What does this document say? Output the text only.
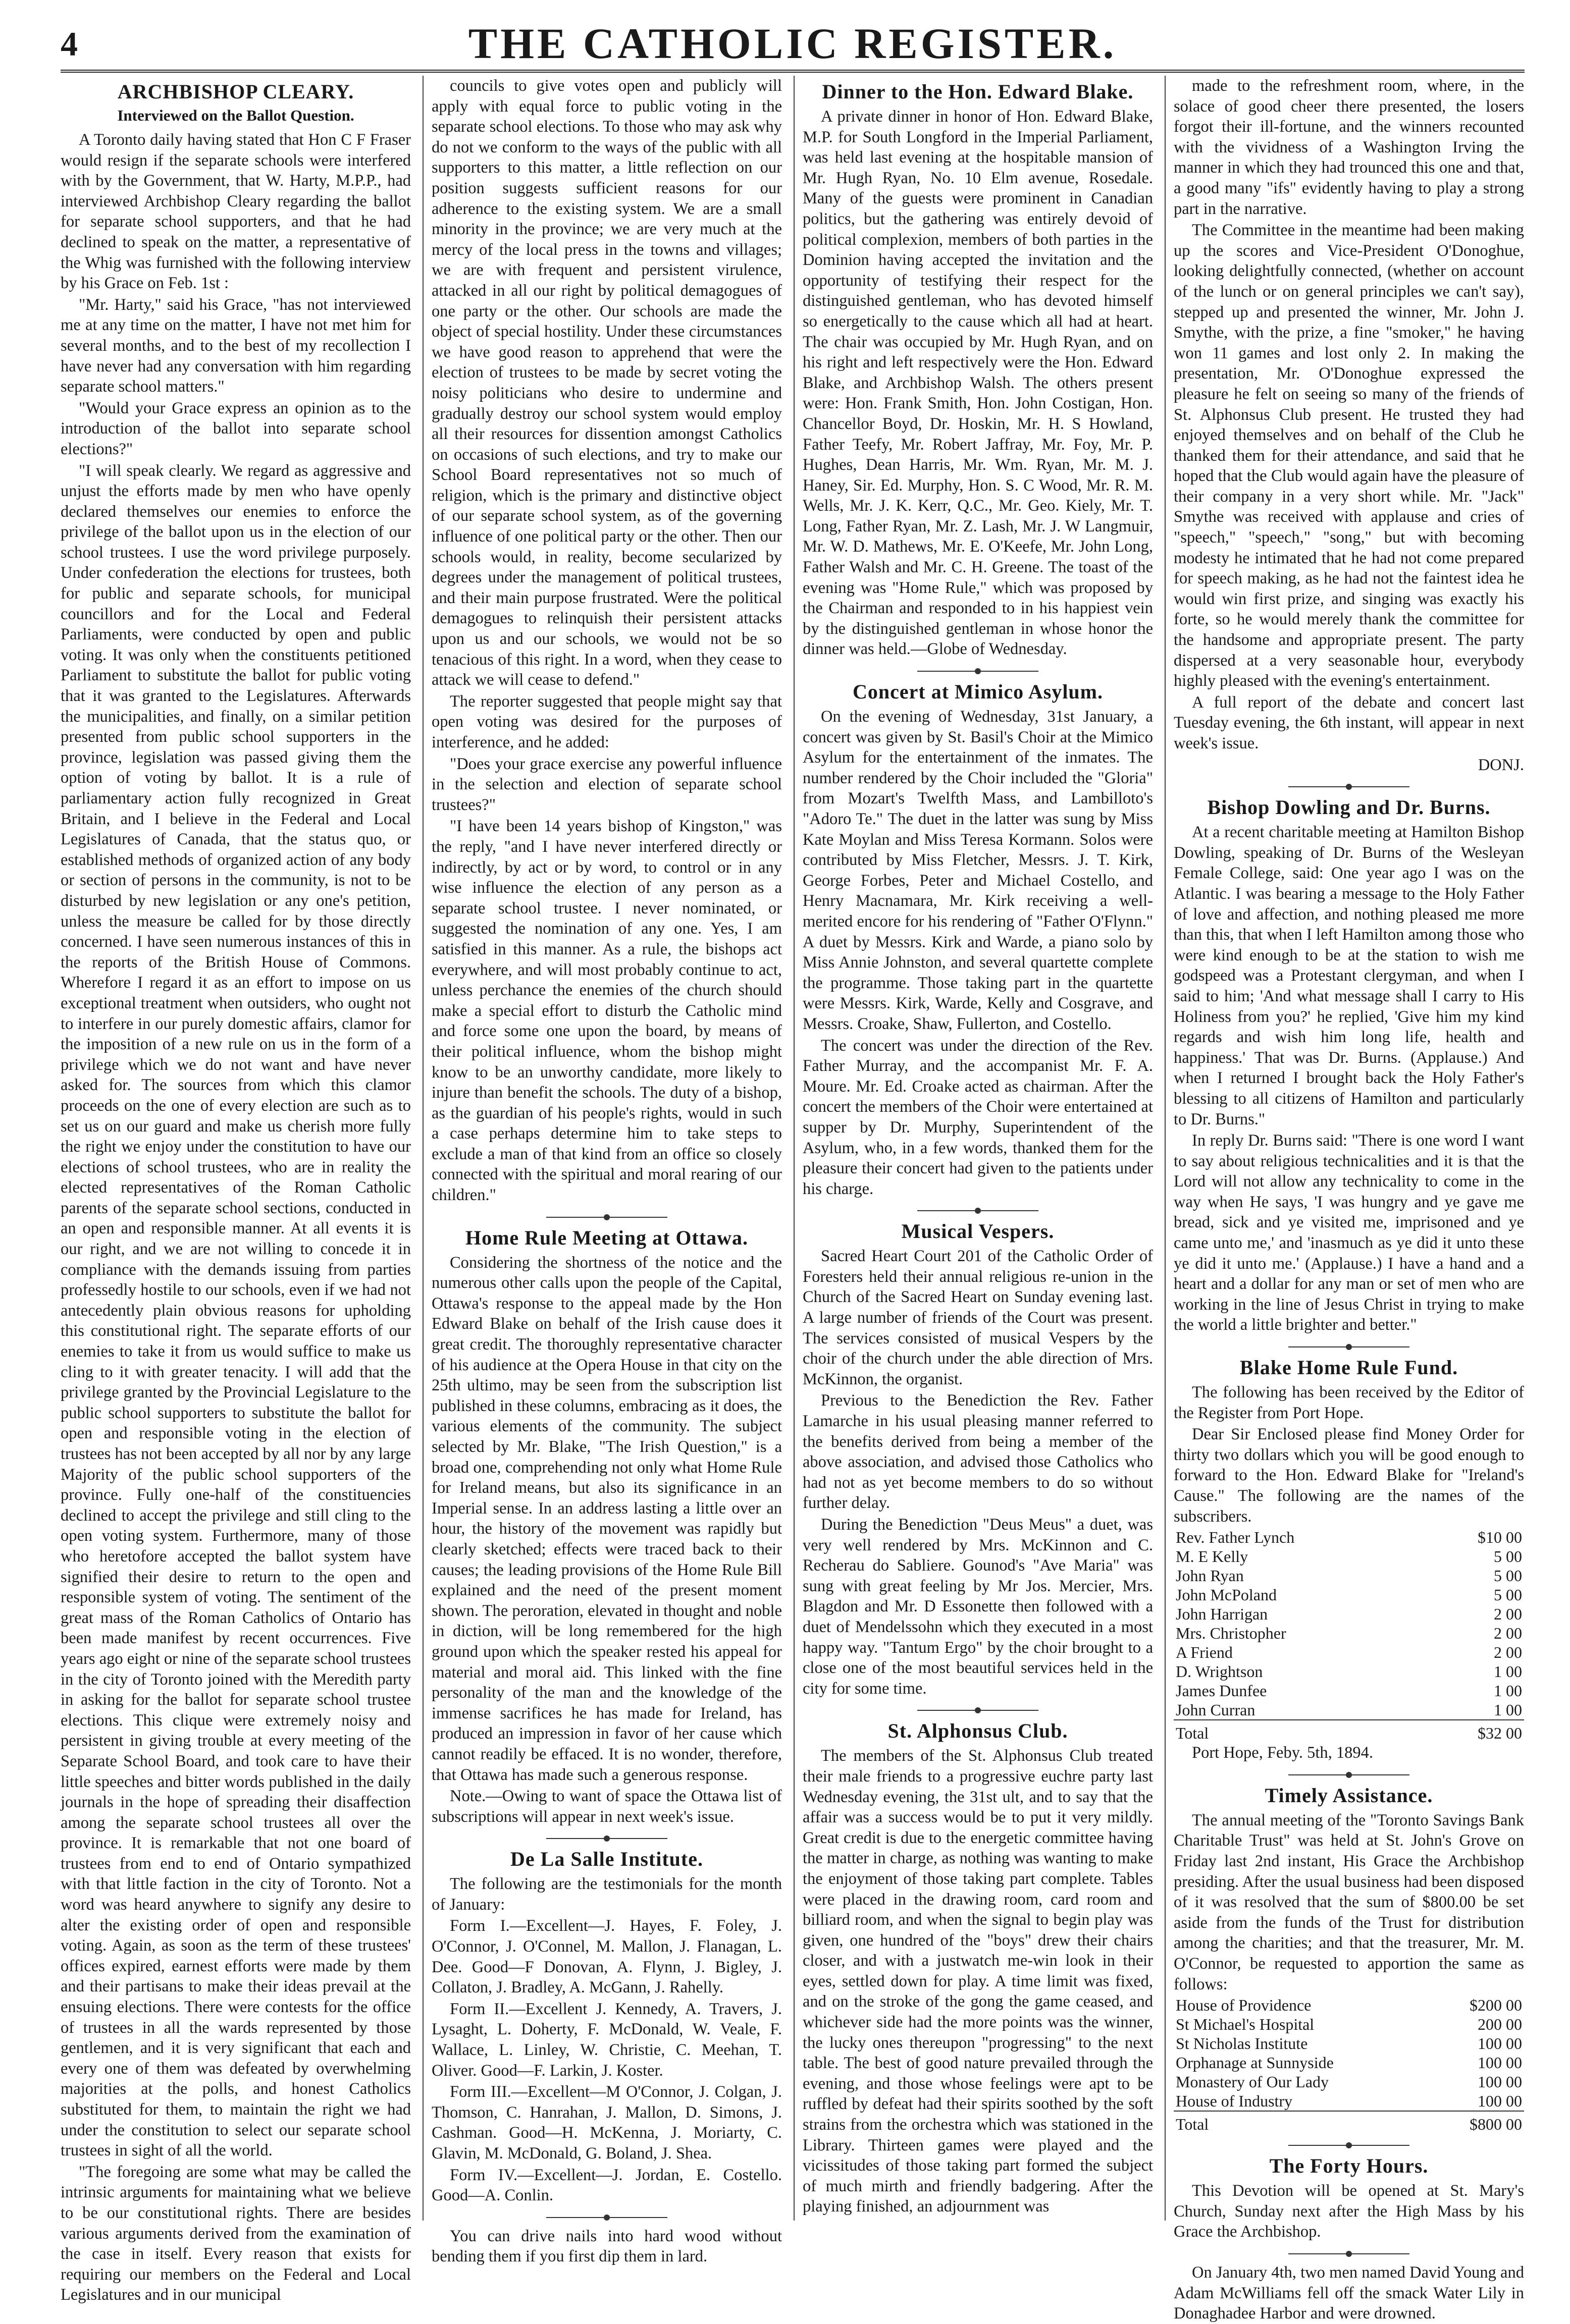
4	THE CATHOLIC REGISTER.
ARCHBISHOP CLEARY.
Interviewed on the Ballot Question.

A Toronto daily having stated that Hon C F Fraser would resign if the separate schools were interfered with by the Government, that W. Harty, M.P.P., had interviewed Archbishop Cleary regarding the ballot for separate school supporters, and that he had declined to speak on the matter, a representative of the Whig was furnished with the following interview by his Grace on Feb. 1st :

"Mr. Harty," said his Grace, "has not interviewed me at any time on the matter, I have not met him for several months, and to the best of my recollection I have never had any conversation with him regarding separate school matters."

"Would your Grace express an opinion as to the introduction of the ballot into separate school elections?"

"I will speak clearly. We regard as aggressive and unjust the efforts made by men who have openly declared themselves our enemies to enforce the privilege of the ballot upon us in the election of our school trustees. I use the word privilege purposely. Under confederation the elections for trustees, both for public and separate schools, for municipal councillors and for the Local and Federal Parliaments, were conducted by open and public voting. It was only when the constituents petitioned Parliament to substitute the ballot for public voting that it was granted to the Legislatures. Afterwards the municipalities, and finally, on a similar petition presented from public school supporters in the province, legislation was passed giving them the option of voting by ballot. It is a rule of parliamentary action fully recognized in Great Britain, and I believe in the Federal and Local Legislatures of Canada, that the status quo, or established methods of organized action of any body or section of persons in the community, is not to be disturbed by new legislation or any one's petition, unless the measure be called for by those directly concerned. I have seen numerous instances of this in the reports of the British House of Commons. Wherefore I regard it as an effort to impose on us exceptional treatment when outsiders, who ought not to interfere in our purely domestic affairs, clamor for the imposition of a new rule on us in the form of a privilege which we do not want and have never asked for. The sources from which this clamor proceeds on the one of every election are such as to set us on our guard and make us cherish more fully the right we enjoy under the constitution to have our elections of school trustees, who are in reality the elected representatives of the Roman Catholic parents of the separate school sections, conducted in an open and responsible manner. At all events it is our right, and we are not willing to concede it in compliance with the demands issuing from parties professedly hostile to our schools, even if we had not antecedently plain obvious reasons for upholding this constitutional right. The separate efforts of our enemies to take it from us would suffice to make us cling to it with greater tenacity. I will add that the privilege granted by the Provincial Legislature to the public school supporters to substitute the ballot for open and responsible voting in the election of trustees has not been accepted by all nor by any large Majority of the public school supporters of the province. Fully one-half of the constituencies declined to accept the privilege and still cling to the open voting system. Furthermore, many of those who heretofore accepted the ballot system have signified their desire to return to the open and responsible system of voting. The sentiment of the great mass of the Roman Catholics of Ontario has been made manifest by recent occurrences. Five years ago eight or nine of the separate school trustees in the city of Toronto joined with the Meredith party in asking for the ballot for separate school trustee elections. This clique were extremely noisy and persistent in giving trouble at every meeting of the Separate School Board, and took care to have their little speeches and bitter words published in the daily journals in the hope of spreading their disaffection among the separate school trustees all over the province. It is remarkable that not one board of trustees from end to end of Ontario sympathized with that little faction in the city of Toronto. Not a word was heard anywhere to signify any desire to alter the existing order of open and responsible voting. Again, as soon as the term of these trustees' offices expired, earnest efforts were made by them and their partisans to make their ideas prevail at the ensuing elections. There were contests for the office of trustees in all the wards represented by those gentlemen, and it is very significant that each and every one of them was defeated by overwhelming majorities at the polls, and honest Catholics substituted for them, to maintain the right we had under the constitution to select our separate school trustees in sight of all the world.

"The foregoing are some what may be called the intrinsic arguments for maintaining what we believe to be our constitutional rights. There are besides various arguments derived from the examination of the case in itself. Every reason that exists for requiring our members on the Federal and Local Legislatures and in our municipal

councils to give votes open and publicly will apply with equal force to public voting in the separate school elections. To those who may ask why do not we conform to the ways of the public with all supporters to this matter, a little reflection on our position suggests sufficient reasons for our adherence to the existing system. We are a small minority in the province; we are very much at the mercy of the local press in the towns and villages; we are with frequent and persistent virulence, attacked in all our right by political demagogues of one party or the other. Our schools are made the object of special hostility. Under these circumstances we have good reason to apprehend that were the election of trustees to be made by secret voting the noisy politicians who desire to undermine and gradually destroy our school system would employ all their resources for dissention amongst Catholics on occasions of such elections, and try to make our School Board representatives not so much of religion, which is the primary and distinctive object of our separate school system, as of the governing influence of one political party or the other. Then our schools would, in reality, become secularized by degrees under the management of political trustees, and their main purpose frustrated. Were the political demagogues to relinquish their persistent attacks upon us and our schools, we would not be so tenacious of this right. In a word, when they cease to attack we will cease to defend."

The reporter suggested that people might say that open voting was desired for the purposes of interference, and he added:

"Does your grace exercise any powerful influence in the selection and election of separate school trustees?"

"I have been 14 years bishop of Kingston," was the reply, "and I have never interfered directly or indirectly, by act or by word, to control or in any wise influence the election of any person as a separate school trustee. I never nominated, or suggested the nomination of any one. Yes, I am satisfied in this manner. As a rule, the bishops act everywhere, and will most probably continue to act, unless perchance the enemies of the church should make a special effort to disturb the Catholic mind and force some one upon the board, by means of their political influence, whom the bishop might know to be an unworthy candidate, more likely to injure than benefit the schools. The duty of a bishop, as the guardian of his people's rights, would in such a case perhaps determine him to take steps to exclude a man of that kind from an office so closely connected with the spiritual and moral rearing of our children."

Home Rule Meeting at Ottawa.

Considering the shortness of the notice and the numerous other calls upon the people of the Capital, Ottawa's response to the appeal made by the Hon Edward Blake on behalf of the Irish cause does it great credit. The thoroughly representative character of his audience at the Opera House in that city on the 25th ultimo, may be seen from the subscription list published in these columns, embracing as it does, the various elements of the community. The subject selected by Mr. Blake, "The Irish Question," is a broad one, comprehending not only what Home Rule for Ireland means, but also its significance in an Imperial sense. In an address lasting a little over an hour, the history of the movement was rapidly but clearly sketched; effects were traced back to their causes; the leading provisions of the Home Rule Bill explained and the need of the present moment shown. The peroration, elevated in thought and noble in diction, will be long remembered for the high ground upon which the speaker rested his appeal for material and moral aid. This linked with the fine personality of the man and the knowledge of the immense sacrifices he has made for Ireland, has produced an impression in favor of her cause which cannot readily be effaced. It is no wonder, therefore, that Ottawa has made such a generous response.

Note.—Owing to want of space the Ottawa list of subscriptions will appear in next week's issue.

De La Salle Institute.

The following are the testimonials for the month of January:

Form I.—Excellent—J. Hayes, F. Foley, J. O'Connor, J. O'Connel, M. Mallon, J. Flanagan, L. Dee. Good—F Donovan, A. Flynn, J. Bigley, J. Collaton, J. Bradley, A. McGann, J. Rahelly.

Form II.—Excellent J. Kennedy, A. Travers, J. Lysaght, L. Doherty, F. McDonald, W. Veale, F. Wallace, L. Linley, W. Christie, C. Meehan, T. Oliver. Good—F. Larkin, J. Koster.

Form III.—Excellent—M O'Connor, J. Colgan, J. Thomson, C. Hanrahan, J. Mallon, D. Simons, J. Cashman. Good—H. McKenna, J. Moriarty, C. Glavin, M. McDonald, G. Boland, J. Shea.

Form IV.—Excellent—J. Jordan, E. Costello. Good—A. Conlin.

You can drive nails into hard wood without bending them if you first dip them in lard.

Dinner to the Hon. Edward Blake.

A private dinner in honor of Hon. Edward Blake, M.P. for South Longford in the Imperial Parliament, was held last evening at the hospitable mansion of Mr. Hugh Ryan, No. 10 Elm avenue, Rosedale. Many of the guests were prominent in Canadian politics, but the gathering was entirely devoid of political complexion, members of both parties in the Dominion having accepted the invitation and the opportunity of testifying their respect for the distinguished gentleman, who has devoted himself so energetically to the cause which all had at heart. The chair was occupied by Mr. Hugh Ryan, and on his right and left respectively were the Hon. Edward Blake, and Archbishop Walsh. The others present were: Hon. Frank Smith, Hon. John Costigan, Hon. Chancellor Boyd, Dr. Hoskin, Mr. H. S Howland, Father Teefy, Mr. Robert Jaffray, Mr. Foy, Mr. P. Hughes, Dean Harris, Mr. Wm. Ryan, Mr. M. J. Haney, Sir. Ed. Murphy, Hon. S. C Wood, Mr. R. M. Wells, Mr. J. K. Kerr, Q.C., Mr. Geo. Kiely, Mr. T. Long, Father Ryan, Mr. Z. Lash, Mr. J. W Langmuir, Mr. W. D. Mathews, Mr. E. O'Keefe, Mr. John Long, Father Walsh and Mr. C. H. Greene. The toast of the evening was "Home Rule," which was proposed by the Chairman and responded to in his happiest vein by the distinguished gentleman in whose honor the dinner was held.—Globe of Wednesday.

Concert at Mimico Asylum.

On the evening of Wednesday, 31st January, a concert was given by St. Basil's Choir at the Mimico Asylum for the entertainment of the inmates. The number rendered by the Choir included the "Gloria" from Mozart's Twelfth Mass, and Lambilloto's "Adoro Te." The duet in the latter was sung by Miss Kate Moylan and Miss Teresa Kormann. Solos were contributed by Miss Fletcher, Messrs. J. T. Kirk, George Forbes, Peter and Michael Costello, and Henry Macnamara, Mr. Kirk receiving a well-merited encore for his rendering of "Father O'Flynn." A duet by Messrs. Kirk and Warde, a piano solo by Miss Annie Johnston, and several quartette complete the programme. Those taking part in the quartette were Messrs. Kirk, Warde, Kelly and Cosgrave, and Messrs. Croake, Shaw, Fullerton, and Costello.

The concert was under the direction of the Rev. Father Murray, and the accompanist Mr. F. A. Moure. Mr. Ed. Croake acted as chairman. After the concert the members of the Choir were entertained at supper by Dr. Murphy, Superintendent of the Asylum, who, in a few words, thanked them for the pleasure their concert had given to the patients under his charge.

Musical Vespers.

Sacred Heart Court 201 of the Catholic Order of Foresters held their annual religious re-union in the Church of the Sacred Heart on Sunday evening last. A large number of friends of the Court was present. The services consisted of musical Vespers by the choir of the church under the able direction of Mrs. McKinnon, the organist.

Previous to the Benediction the Rev. Father Lamarche in his usual pleasing manner referred to the benefits derived from being a member of the above association, and advised those Catholics who had not as yet become members to do so without further delay.

During the Benediction "Deus Meus" a duet, was very well rendered by Mrs. McKinnon and C. Recherau do Sabliere. Gounod's "Ave Maria" was sung with great feeling by Mr Jos. Mercier, Mrs. Blagdon and Mr. D Essonette then followed with a duet of Mendelssohn which they executed in a most happy way. "Tantum Ergo" by the choir brought to a close one of the most beautiful services held in the city for some time.

St. Alphonsus Club.

The members of the St. Alphonsus Club treated their male friends to a progressive euchre party last Wednesday evening, the 31st ult, and to say that the affair was a success would be to put it very mildly. Great credit is due to the energetic committee having the matter in charge, as nothing was wanting to make the enjoyment of those taking part complete. Tables were placed in the drawing room, card room and billiard room, and when the signal to begin play was given, one hundred of the "boys" drew their chairs closer, and with a justwatch me-win look in their eyes, settled down for play. A time limit was fixed, and on the stroke of the gong the game ceased, and whichever side had the more points was the winner, the lucky ones thereupon "progressing" to the next table. The best of good nature prevailed through the evening, and those whose feelings were apt to be ruffled by defeat had their spirits soothed by the soft strains from the orchestra which was stationed in the Library. Thirteen games were played and the vicissitudes of those taking part formed the subject of much mirth and friendly badgering. After the playing finished, an adjournment was

made to the refreshment room, where, in the solace of good cheer there presented, the losers forgot their ill-fortune, and the winners recounted with the vividness of a Washington Irving the manner in which they had trounced this one and that, a good many "ifs" evidently having to play a strong part in the narrative.

The Committee in the meantime had been making up the scores and Vice-President O'Donoghue, looking delightfully connected, (whether on account of the lunch or on general principles we can't say), stepped up and presented the winner, Mr. John J. Smythe, with the prize, a fine "smoker," he having won 11 games and lost only 2. In making the presentation, Mr. O'Donoghue expressed the pleasure he felt on seeing so many of the friends of St. Alphonsus Club present. He trusted they had enjoyed themselves and on behalf of the Club he thanked them for their attendance, and said that he hoped that the Club would again have the pleasure of their company in a very short while. Mr. "Jack" Smythe was received with applause and cries of "speech," "speech," "song," but with becoming modesty he intimated that he had not come prepared for speech making, as he had not the faintest idea he would win first prize, and singing was exactly his forte, so he would merely thank the committee for the handsome and appropriate present. The party dispersed at a very seasonable hour, everybody highly pleased with the evening's entertainment.

A full report of the debate and concert last Tuesday evening, the 6th instant, will appear in next week's issue.

DONJ.

Bishop Dowling and Dr. Burns.

At a recent charitable meeting at Hamilton Bishop Dowling, speaking of Dr. Burns of the Wesleyan Female College, said: One year ago I was on the Atlantic. I was bearing a message to the Holy Father of love and affection, and nothing pleased me more than this, that when I left Hamilton among those who were kind enough to be at the station to wish me godspeed was a Protestant clergyman, and when I said to him; 'And what message shall I carry to His Holiness from you?' he replied, 'Give him my kind regards and wish him long life, health and happiness.' That was Dr. Burns. (Applause.) And when I returned I brought back the Holy Father's blessing to all citizens of Hamilton and particularly to Dr. Burns."

In reply Dr. Burns said: "There is one word I want to say about religious technicalities and it is that the Lord will not allow any technicality to come in the way when He says, 'I was hungry and ye gave me bread, sick and ye visited me, imprisoned and ye came unto me,' and 'inasmuch as ye did it unto these ye did it unto me.' (Applause.) I have a hand and a heart and a dollar for any man or set of men who are working in the line of Jesus Christ in trying to make the world a little brighter and better."

Blake Home Rule Fund.

The following has been received by the Editor of the Register from Port Hope.

Dear Sir Enclosed please find Money Order for thirty two dollars which you will be good enough to forward to the Hon. Edward Blake for "Ireland's Cause." The following are the names of the subscribers.

Rev. Father Lynch	$10 00
M. E Kelly	5 00
John Ryan	5 00
John McPoland	5 00
John Harrigan	2 00
Mrs. Christopher	2 00
A Friend	2 00
D. Wrightson	1 00
James Dunfee	1 00
John Curran	1 00
Total	$32 00

Port Hope, Feby. 5th, 1894.

Timely Assistance.

The annual meeting of the "Toronto Savings Bank Charitable Trust" was held at St. John's Grove on Friday last 2nd instant, His Grace the Archbishop presiding. After the usual business had been disposed of it was resolved that the sum of $800.00 be set aside from the funds of the Trust for distribution among the charities; and that the treasurer, Mr. M. O'Connor, be requested to apportion the same as follows:

House of Providence	$200 00
St Michael's Hospital	200 00
St Nicholas Institute	100 00
Orphanage at Sunnyside	100 00
Monastery of Our Lady	100 00
House of Industry	100 00
Total	$800 00
The Forty Hours.

This Devotion will be opened at St. Mary's Church, Sunday next after the High Mass by his Grace the Archbishop.

On January 4th, two men named David Young and Adam McWilliams fell off the smack Water Lily in Donaghadee Harbor and were drowned.
